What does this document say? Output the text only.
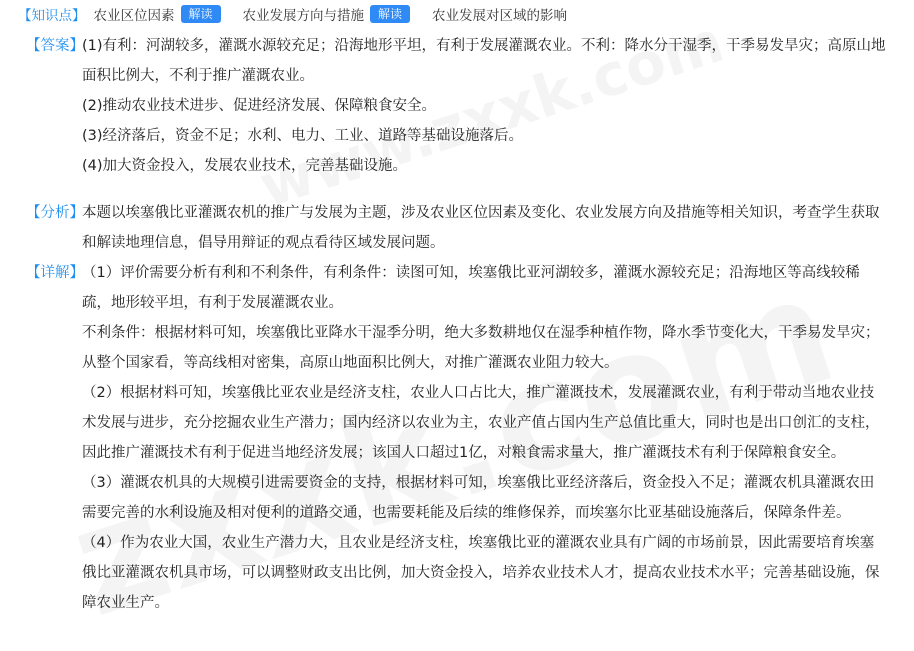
【知识点】 农业区位因素	解读	农业发展方向与措施	解读	农业发展对区域的影响
【答案】
(1)有利：河湖较多，灌溉水源较充足；沿海地形平坦，有利于发展灌溉农业。不利：降水分干湿季，干季易发旱灾；高原山地
面积比例大，不利于推广灌溉农业。
(2)推动农业技术进步、促进经济发展、保障粮食安全。
(3)经济落后，资金不足；水利、电力、工业、道路等基础设施落后。
(4)加大资金投入，发展农业技术，完善基础设施。
【分析】
本题以埃塞俄比亚灌溉农机的推广与发展为主题，涉及农业区位因素及变化、农业发展方向及措施等相关知识，考查学生获取
和解读地理信息，倡导用辩证的观点看待区域发展问题。
【详解】
（1）评价需要分析有利和不利条件，有利条件：读图可知，埃塞俄比亚河湖较多，灌溉水源较充足；沿海地区等高线较稀
疏，地形较平坦，有利于发展灌溉农业。
不利条件：根据材料可知，埃塞俄比亚降水干湿季分明，绝大多数耕地仅在湿季种植作物，降水季节变化大，干季易发旱灾；
从整个国家看，等高线相对密集，高原山地面积比例大，对推广灌溉农业阻力较大。
（2）根据材料可知，埃塞俄比亚农业是经济支柱，农业人口占比大，推广灌溉技术，发展灌溉农业，有利于带动当地农业技
术发展与进步，充分挖掘农业生产潜力；国内经济以农业为主，农业产值占国内生产总值比重大，同时也是出口创汇的支柱，
因此推广灌溉技术有利于促进当地经济发展；该国人口超过1亿，对粮食需求量大，推广灌溉技术有利于保障粮食安全。
（3）灌溉农机具的大规模引进需要资金的支持，根据材料可知，埃塞俄比亚经济落后，资金投入不足；灌溉农机具灌溉农田
需要完善的水利设施及相对便利的道路交通，也需要耗能及后续的维修保养，而埃塞尔比亚基础设施落后，保障条件差。
（4）作为农业大国，农业生产潜力大，且农业是经济支柱，埃塞俄比亚的灌溉农业具有广阔的市场前景，因此需要培育埃塞
俄比亚灌溉农机具市场，可以调整财政支出比例，加大资金投入，培养农业技术人才，提高农业技术水平；完善基础设施，保
障农业生产。
